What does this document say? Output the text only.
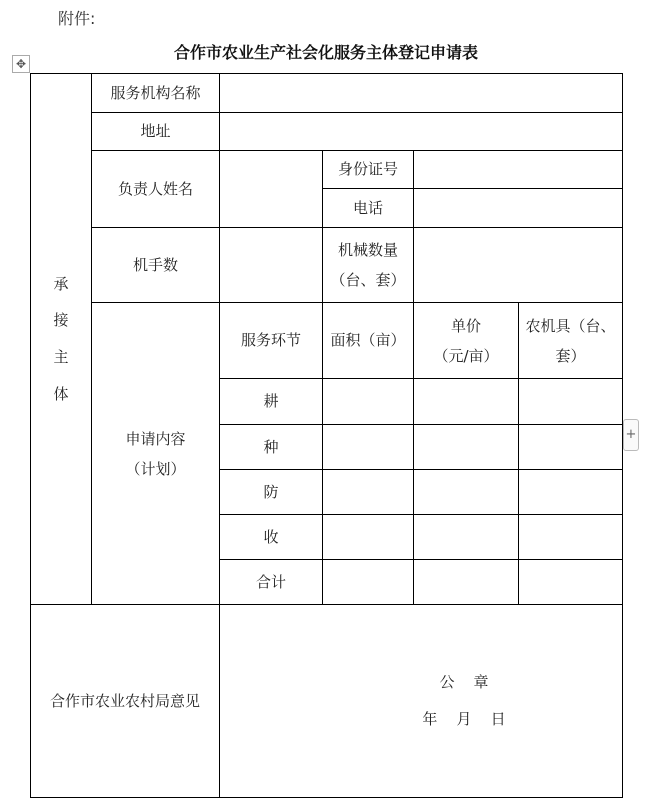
附件:
合作市农业生产社会化服务主体登记申请表
✥
+
承
接
主
体
服务机构名称
地址
负责人姓名
身份证号
电话
机手数
机械数量
（台、套）
申请内容
（计划）
服务环节	面积（亩）
单价
（元/亩）
农机具（台、
套）
耕
种
防
收
合计
合作市农业农村局意见
公    章
年    月    日
